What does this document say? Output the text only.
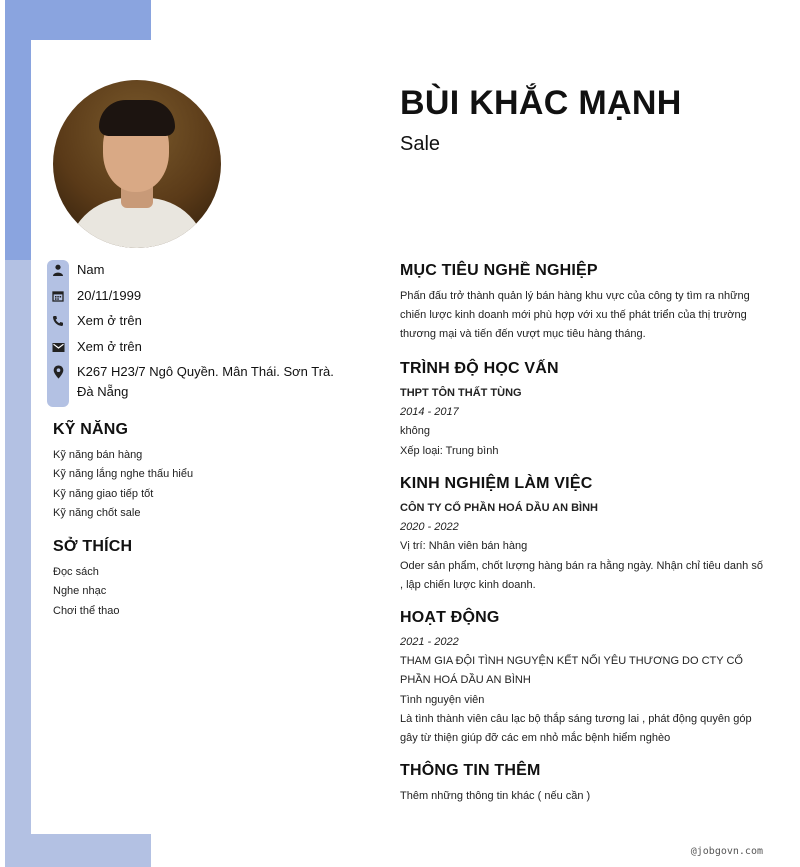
Nam
20/11/1999
Xem ở trên
Xem ở trên
K267 H23/7 Ngô Quyền. Mân Thái. Sơn Trà. Đà Nẵng
KỸ NĂNG
Kỹ năng bán hàng
Kỹ năng lắng nghe thấu hiểu
Kỹ năng giao tiếp tốt
Kỹ năng chốt sale
SỞ THÍCH
Đọc sách
Nghe nhạc
Chơi thể thao
BÙI KHẮC MẠNH
Sale
MỤC TIÊU NGHỀ NGHIỆP
Phấn đấu trở thành quản lý bán hàng khu vực của công ty tìm ra những chiến lược kinh doanh mới phù hợp với xu thế phát triển của thị trường thương mại và tiến đến vượt mục tiêu hàng tháng.
TRÌNH ĐỘ HỌC VẤN
THPT TÔN THẤT TÙNG
2014 - 2017
không
Xếp loại: Trung bình
KINH NGHIỆM LÀM VIỆC
CÔN TY CỔ PHẦN HOÁ DẦU AN BÌNH
2020 - 2022
Vị trí: Nhân viên bán hàng
Oder sản phẩm, chốt lượng hàng bán ra hằng ngày. Nhận chỉ tiêu danh số , lập chiến lược kinh doanh.
HOẠT ĐỘNG
2021 - 2022
THAM GIA ĐỘI TÌNH NGUYỆN KẾT NỐI YÊU THƯƠNG DO CTY CỔ PHẦN HOÁ DẦU AN BÌNH
Tình nguyện viên
Là tình thành viên câu lạc bộ thắp sáng tương lai , phát động quyên góp gây từ thiện giúp đỡ các em nhỏ mắc bệnh hiểm nghèo
THÔNG TIN THÊM
Thêm những thông tin khác ( nếu cần )
@jobgovn.com
